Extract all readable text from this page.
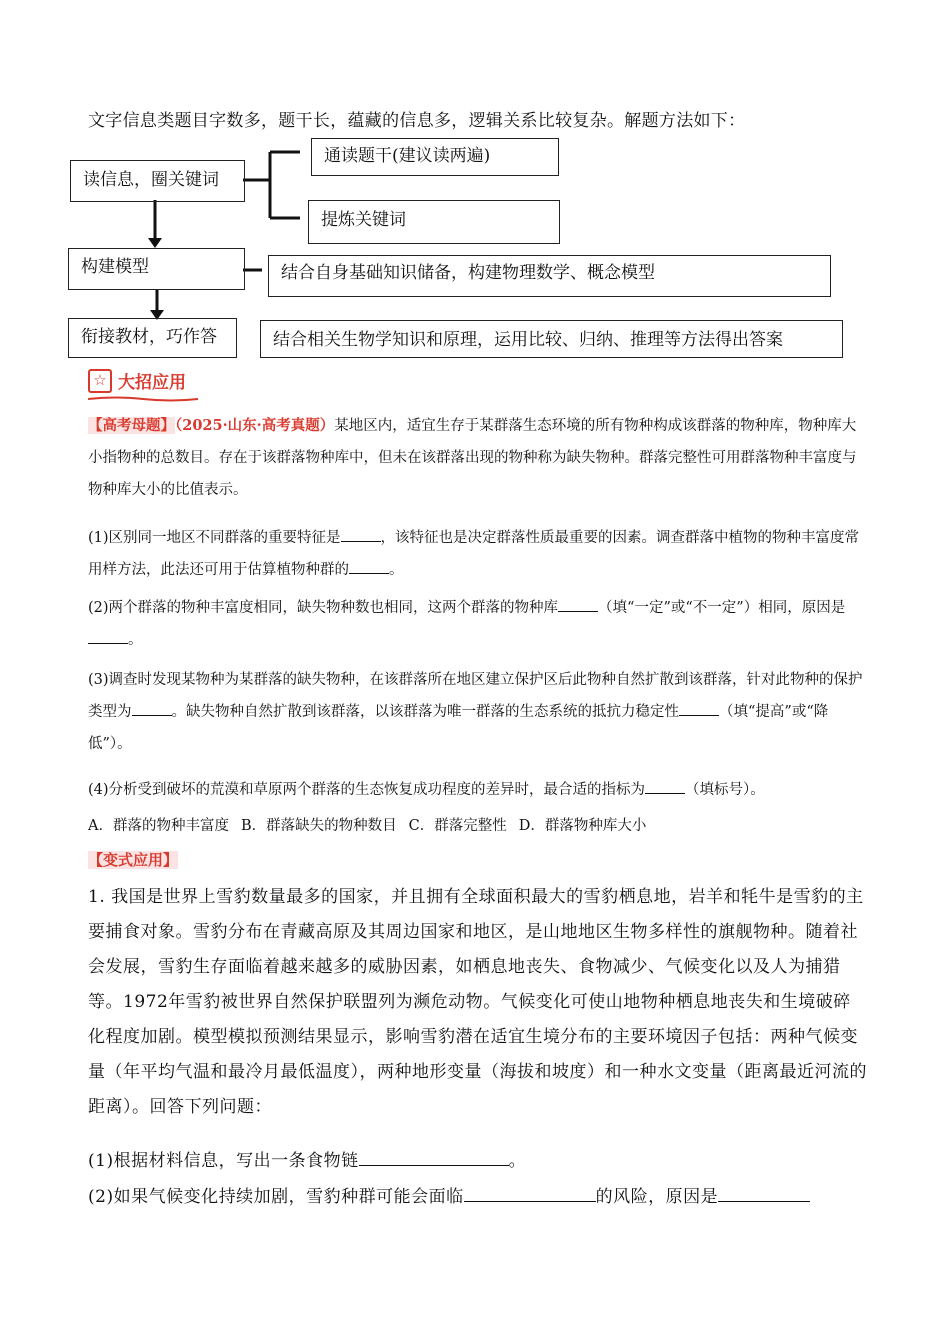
文字信息类题目字数多，题干长，蕴藏的信息多，逻辑关系比较复杂。解题方法如下：
读信息，圈关键词
通读题干(建议读两遍)
提炼关键词
构建模型	结合自身基础知识储备，构建物理数学、概念模型
衔接教材，巧作答	结合相关生物学知识和原理，运用比较、归纳、推理等方法得出答案
☆ 大招应用
【高考母题】（2025·山东·高考真题）某地区内，适宜生存于某群落生态环境的所有物种构成该群落的物种库，物种库大小指物种的总数目。存在于该群落物种库中，但未在该群落出现的物种称为缺失物种。群落完整性可用群落物种丰富度与物种库大小的比值表示。
(1)区别同一地区不同群落的重要特征是	，该特征也是决定群落性质最重要的因素。调查群落中植物的物种丰富度常用样方法，此法还可用于估算植物种群的	。
(2)两个群落的物种丰富度相同，缺失物种数也相同，这两个群落的物种库	（填“一定”或“不一定”）相同，原因是。
(3)调查时发现某物种为某群落的缺失物种，在该群落所在地区建立保护区后此物种自然扩散到该群落，针对此物种的保护类型为	。缺失物种自然扩散到该群落，以该群落为唯一群落的生态系统的抵抗力稳定性	（填“提高”或“降低”）。
(4)分析受到破坏的荒漠和草原两个群落的生态恢复成功程度的差异时，最合适的指标为	（填标号）。
A．群落的物种丰富度 B．群落缺失的物种数目 C．群落完整性 D．群落物种库大小
【变式应用】
1. 我国是世界上雪豹数量最多的国家，并且拥有全球面积最大的雪豹栖息地，岩羊和牦牛是雪豹的主要捕食对象。雪豹分布在青藏高原及其周边国家和地区，是山地地区生物多样性的旗舰物种。随着社会发展，雪豹生存面临着越来越多的威胁因素，如栖息地丧失、食物减少、气候变化以及人为捕猎等。1972年雪豹被世界自然保护联盟列为濒危动物。气候变化可使山地物种栖息地丧失和生境破碎化程度加剧。模型模拟预测结果显示，影响雪豹潜在适宜生境分布的主要环境因子包括：两种气候变量（年平均气温和最冷月最低温度），两种地形变量（海拔和坡度）和一种水文变量（距离最近河流的距离）。回答下列问题：
(1)根据材料信息，写出一条食物链	。
(2)如果气候变化持续加剧，雪豹种群可能会面临	的风险，原因是
